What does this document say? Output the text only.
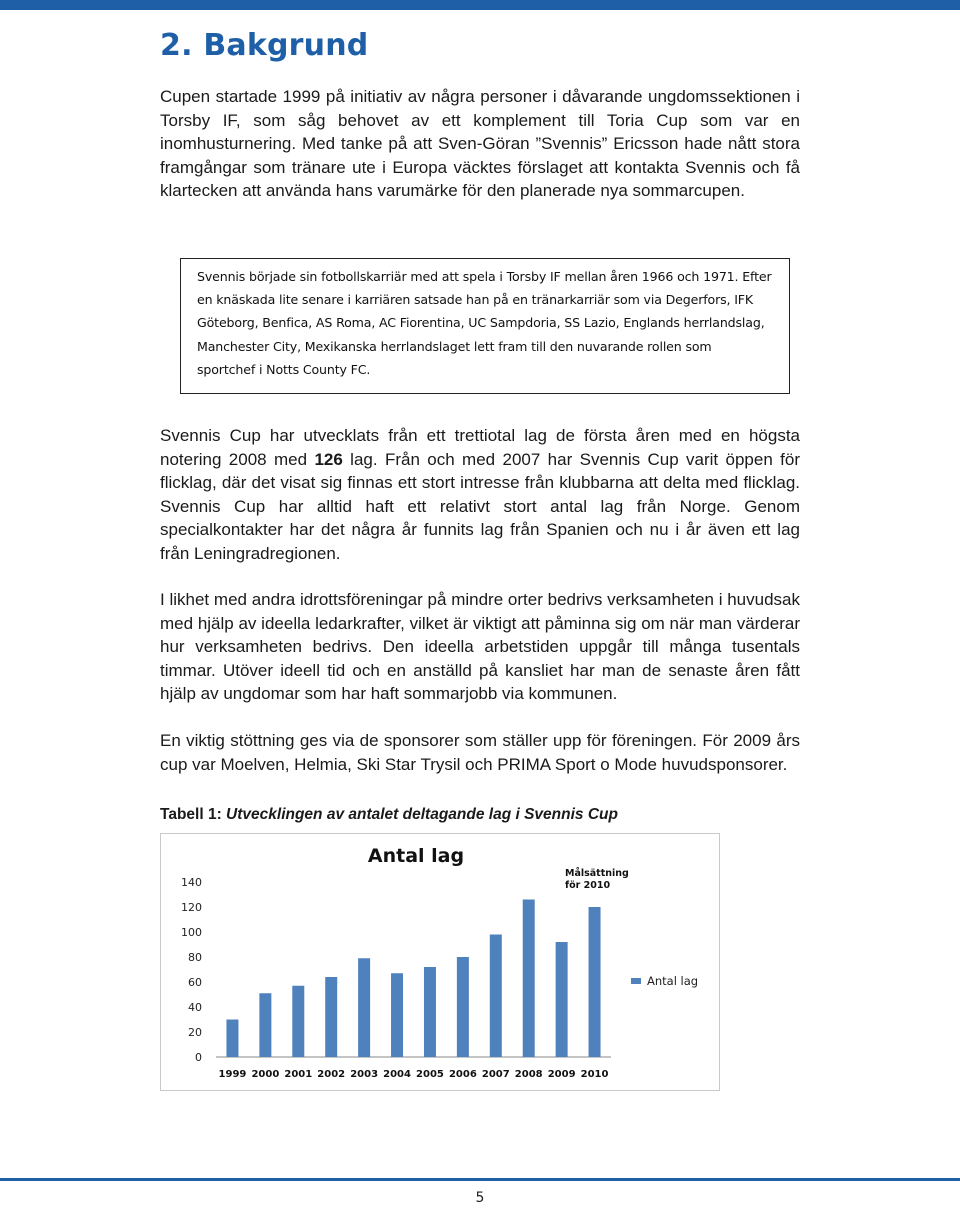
2. Bakgrund

Cupen startade 1999 på initiativ av några personer i dåvarande ungdomssektionen i Torsby IF, som såg behovet av ett komplement till Toria Cup som var en inomhusturnering. Med tanke på att Sven-Göran ”Svennis” Ericsson hade nått stora framgångar som tränare ute i Europa väcktes förslaget att kontakta Svennis och få klartecken att använda hans varumärke för den planerade nya sommarcupen.

Svennis började sin fotbollskarriär med att spela i Torsby IF mellan åren 1966 och 1971. Efter en knäskada lite senare i karriären satsade han på en tränarkarriär som via Degerfors, IFK Göteborg, Benfica, AS Roma, AC Fiorentina, UC Sampdoria, SS Lazio, Englands herrlandslag, Manchester City, Mexikanska herrlandslaget lett fram till den nuvarande rollen som sportchef i Notts County FC.

Svennis Cup har utvecklats från ett trettiotal lag de första åren med en högsta notering 2008 med 126 lag. Från och med 2007 har Svennis Cup varit öppen för flicklag, där det visat sig finnas ett stort intresse från klubbarna att delta med flicklag. Svennis Cup har alltid haft ett relativt stort antal lag från Norge. Genom specialkontakter har det några år funnits lag från Spanien och nu i år även ett lag från Leningradregionen.

I likhet med andra idrottsföreningar på mindre orter bedrivs verksamheten i huvudsak med hjälp av ideella ledarkrafter, vilket är viktigt att påminna sig om när man värderar hur verksamheten bedrivs. Den ideella arbetstiden uppgår till många tusentals timmar. Utöver ideell tid och en anställd på kansliet har man de senaste åren fått hjälp av ungdomar som har haft sommarjobb via kommunen.

En viktig stöttning ges via de sponsorer som ställer upp för föreningen. För 2009 års cup var Moelven, Helmia, Ski Star Trysil och PRIMA Sport o Mode huvudsponsorer.

Tabell 1: Utvecklingen av antalet deltagande lag i Svennis Cup

Antal lag
0
20
40
60
80
100
120
140
1999 2000 2001 2002 2003 2004 2005 2006 2007 2008 2009 2010
Målsättning
för 2010
Antal lag
5
